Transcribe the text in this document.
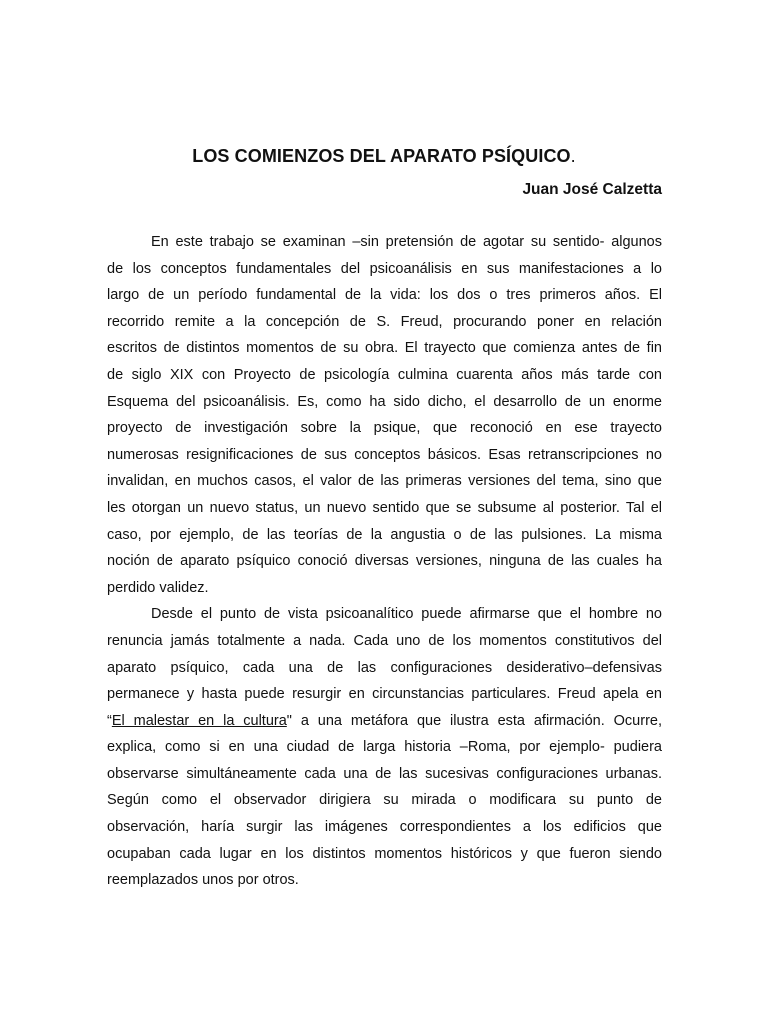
LOS COMIENZOS DEL APARATO PSÍQUICO.
Juan José Calzetta
En este trabajo se examinan –sin pretensión de agotar su sentido- algunos
de los conceptos fundamentales del psicoanálisis en sus manifestaciones a lo
largo de un período fundamental de la vida: los dos o tres primeros años. El
recorrido remite a la concepción de S. Freud, procurando poner en relación
escritos de distintos momentos de su obra. El trayecto que comienza antes de fin
de siglo XIX con Proyecto de psicología culmina cuarenta años más tarde con
Esquema del psicoanálisis. Es, como ha sido dicho, el desarrollo de un enorme
proyecto de investigación sobre la psique, que reconoció en ese trayecto
numerosas resignificaciones de sus conceptos básicos. Esas retranscripciones no
invalidan, en muchos casos, el valor de las primeras versiones del tema, sino que
les otorgan un nuevo status, un nuevo sentido que se subsume al posterior. Tal el
caso, por ejemplo, de las teorías de la angustia o de las pulsiones. La misma
noción de aparato psíquico conoció diversas versiones, ninguna de las cuales ha
perdido validez.
Desde el punto de vista psicoanalítico puede afirmarse que el hombre no
renuncia jamás totalmente a nada. Cada uno de los momentos constitutivos del
aparato psíquico, cada una de las configuraciones desiderativo–defensivas
permanece y hasta puede resurgir en circunstancias particulares. Freud apela en
“El malestar en la cultura" a una metáfora que ilustra esta afirmación. Ocurre,
explica, como si en una ciudad de larga historia –Roma, por ejemplo- pudiera
observarse simultáneamente cada una de las sucesivas configuraciones urbanas.
Según como el observador dirigiera su mirada o modificara su punto de
observación, haría surgir las imágenes correspondientes a los edificios que
ocupaban cada lugar en los distintos momentos históricos y que fueron siendo
reemplazados unos por otros.
